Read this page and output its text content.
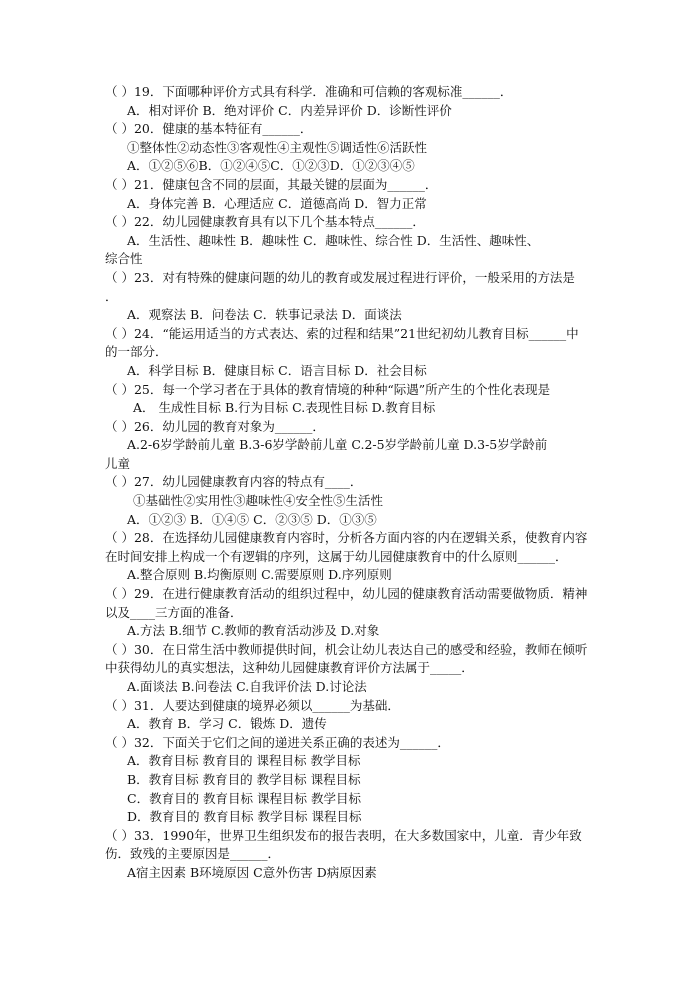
（ ）19．下面哪种评价方式具有科学．准确和可信赖的客观标准______．
A．相对评价 B．绝对评价 C．内差异评价 D．诊断性评价
（ ）20．健康的基本特征有______．
①整体性②动态性③客观性④主观性⑤调适性⑥活跃性
A．①②⑤⑥B．①②④⑤C．①②③D．①②③④⑤
（ ）21．健康包含不同的层面，其最关键的层面为______．
A．身体完善 B．心理适应 C．道德高尚 D．智力正常
（ ）22．幼儿园健康教育具有以下几个基本特点______．
A．生活性、趣味性 B．趣味性 C．趣味性、综合性 D．生活性、趣味性、
综合性
（ ）23．对有特殊的健康问题的幼儿的教育或发展过程进行评价，一般采用的方法是
．
A．观察法 B．问卷法 C．轶事记录法 D．面谈法
（ ）24．“能运用适当的方式表达、索的过程和结果”21世纪初幼儿教育目标______中
的一部分．
A．科学目标 B．健康目标 C．语言目标 D．社会目标
（ ）25．每一个学习者在于具体的教育情境的种种“际遇”所产生的个性化表现是
A． 生成性目标 B.行为目标 C.表现性目标 D.教育目标
（ ）26．幼儿园的教育对象为______．
A.2-6岁学龄前儿童 B.3-6岁学龄前儿童 C.2-5岁学龄前儿童 D.3-5岁学龄前
儿童
（ ）27．幼儿园健康教育内容的特点有____．
①基础性②实用性③趣味性④安全性⑤生活性
A．①②③ B．①④⑤ C．②③⑤ D．①③⑤
（ ）28．在选择幼儿园健康教育内容时，分析各方面内容的内在逻辑关系，使教育内容
在时间安排上构成一个有逻辑的序列，这属于幼儿园健康教育中的什么原则______．
A.整合原则 B.均衡原则 C.需要原则 D.序列原则
（ ）29．在进行健康教育活动的组织过程中，幼儿园的健康教育活动需要做物质．精神
以及____三方面的准备．
A.方法 B.细节 C.教师的教育活动涉及 D.对象
（ ）30．在日常生活中教师提供时间，机会让幼儿表达自己的感受和经验，教师在倾听
中获得幼儿的真实想法，这种幼儿园健康教育评价方法属于_____．
A.面谈法 B.问卷法 C.自我评价法 D.讨论法
（ ）31．人要达到健康的境界必须以______为基础．
A．教育 B．学习 C．锻炼 D．遗传
（ ）32．下面关于它们之间的递进关系正确的表述为______．
A．教育目标 教育目的 课程目标 教学目标
B．教育目标 教育目的 教学目标 课程目标
C．教育目的 教育目标 课程目标 教学目标
D．教育目的 教育目标 教学目标 课程目标
（ ）33．1990年，世界卫生组织发布的报告表明，在大多数国家中，儿童．青少年致
伤．致残的主要原因是______．
A宿主因素 B环境原因 C意外伤害 D病原因素
